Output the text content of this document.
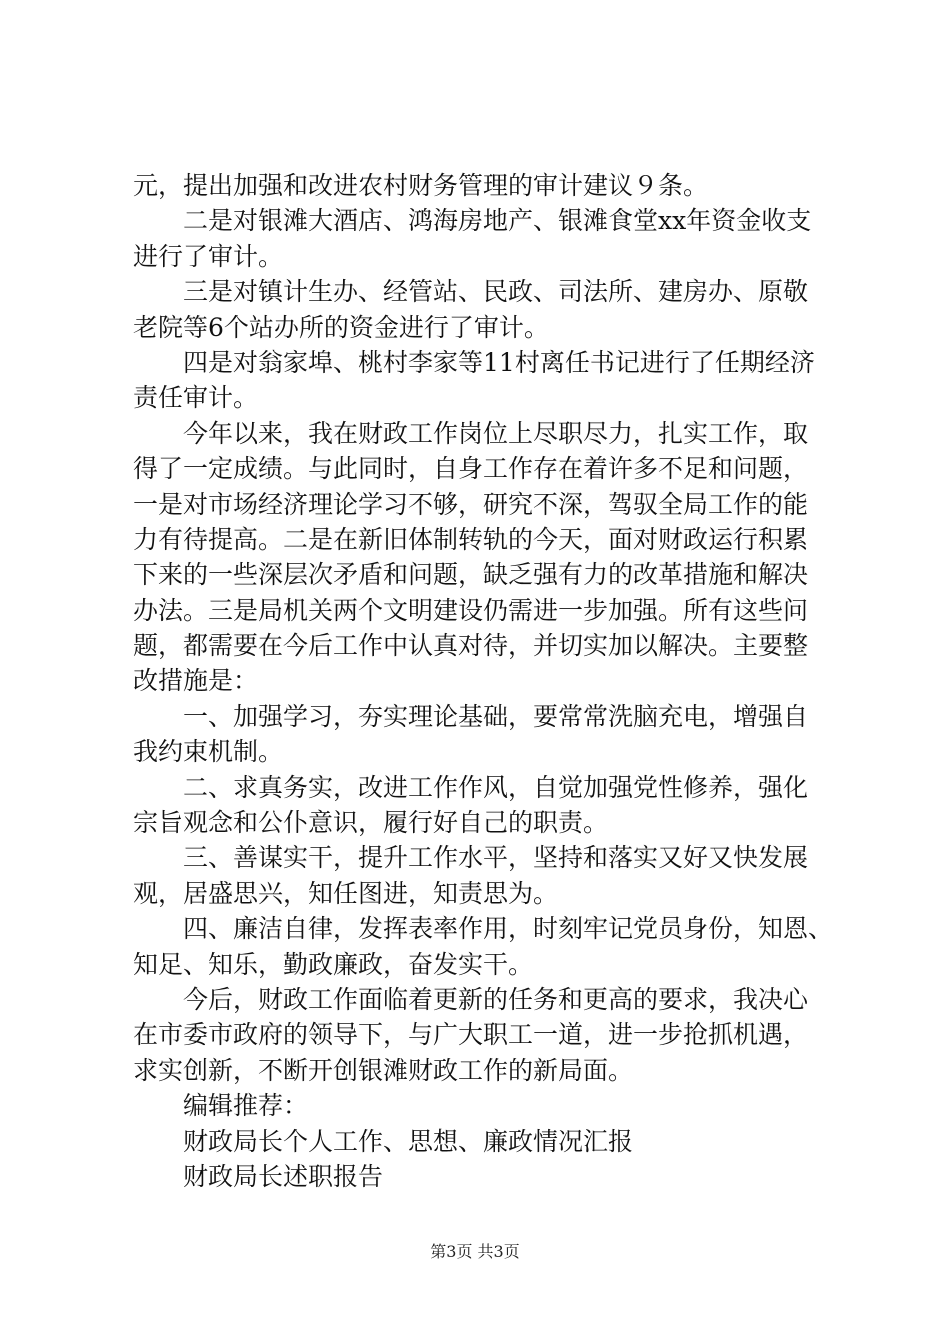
元，提出加强和改进农村财务管理的审计建议９条。
二是对银滩大酒店、鸿海房地产、银滩食堂xx年资金收支
进行了审计。
三是对镇计生办、经管站、民政、司法所、建房办、原敬
老院等6个站办所的资金进行了审计。
四是对翁家埠、桃村李家等11村离任书记进行了任期经济
责任审计。
今年以来，我在财政工作岗位上尽职尽力，扎实工作，取
得了一定成绩。与此同时，自身工作存在着许多不足和问题，
一是对市场经济理论学习不够，研究不深，驾驭全局工作的能
力有待提高。二是在新旧体制转轨的今天，面对财政运行积累
下来的一些深层次矛盾和问题，缺乏强有力的改革措施和解决
办法。三是局机关两个文明建设仍需进一步加强。所有这些问
题，都需要在今后工作中认真对待，并切实加以解决。主要整
改措施是：
一、加强学习，夯实理论基础，要常常洗脑充电，增强自
我约束机制。
二、求真务实，改进工作作风，自觉加强党性修养，强化
宗旨观念和公仆意识，履行好自己的职责。
三、善谋实干，提升工作水平，坚持和落实又好又快发展
观，居盛思兴，知任图进，知责思为。
四、廉洁自律，发挥表率作用，时刻牢记党员身份，知恩、
知足、知乐，勤政廉政，奋发实干。
今后，财政工作面临着更新的任务和更高的要求，我决心
在市委市政府的领导下，与广大职工一道，进一步抢抓机遇，
求实创新，不断开创银滩财政工作的新局面。
编辑推荐：
财政局长个人工作、思想、廉政情况汇报
财政局长述职报告
第3页 共3页
